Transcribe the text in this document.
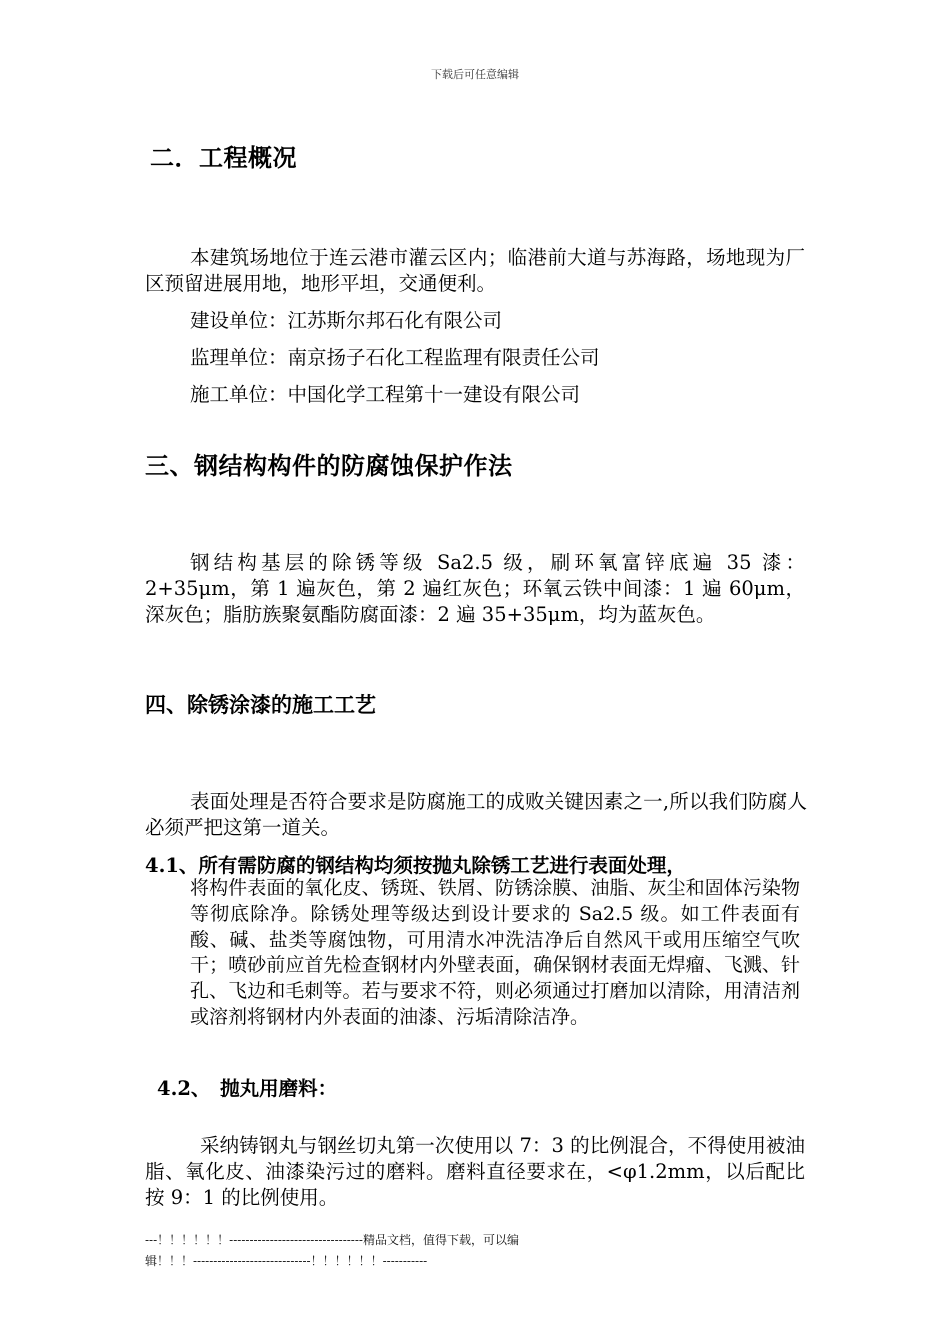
下载后可任意编辑
二．工程概况
本建筑场地位于连云港市灌云区内；临港前大道与苏海路，场地现为厂区预留进展用地，地形平坦，交通便利。
建设单位：江苏斯尔邦石化有限公司
监理单位：南京扬子石化工程监理有限责任公司
施工单位：中国化学工程第十一建设有限公司
三、钢结构构件的防腐蚀保护作法
钢结构基层的除锈等级 Sa2.5 级，刷环氧富锌底遍 35 漆：2+35μm，第 1 遍灰色，第 2 遍红灰色；环氧云铁中间漆：1 遍 60μm，深灰色；脂肪族聚氨酯防腐面漆：2 遍 35+35μm，均为蓝灰色。
四、除锈涂漆的施工工艺
表面处理是否符合要求是防腐施工的成败关键因素之一,所以我们防腐人必须严把这第一道关。
4.1、所有需防腐的钢结构均须按抛丸除锈工艺进行表面处理，
将构件表面的氧化皮、锈斑、铁屑、防锈涂膜、油脂、灰尘和固体污染物等彻底除净。除锈处理等级达到设计要求的 Sa2.5 级。如工件表面有酸、碱、盐类等腐蚀物，可用清水冲洗洁净后自然风干或用压缩空气吹干；喷砂前应首先检查钢材内外壁表面，确保钢材表面无焊瘤、飞溅、针孔、飞边和毛刺等。若与要求不符，则必须通过打磨加以清除，用清洁剂或溶剂将钢材内外表面的油漆、污垢清除洁净。
4.2、　抛丸用磨料：
采纳铸钢丸与钢丝切丸第一次使用以 7：3 的比例混合，不得使用被油脂、氧化皮、油漆染污过的磨料。磨料直径要求在，<φ1.2mm，以后配比按 9：1 的比例使用。
---！！！！！！---------------------------------精品文档，值得下载，可以编
辑！！！-----------------------------！！！！！！-----------
